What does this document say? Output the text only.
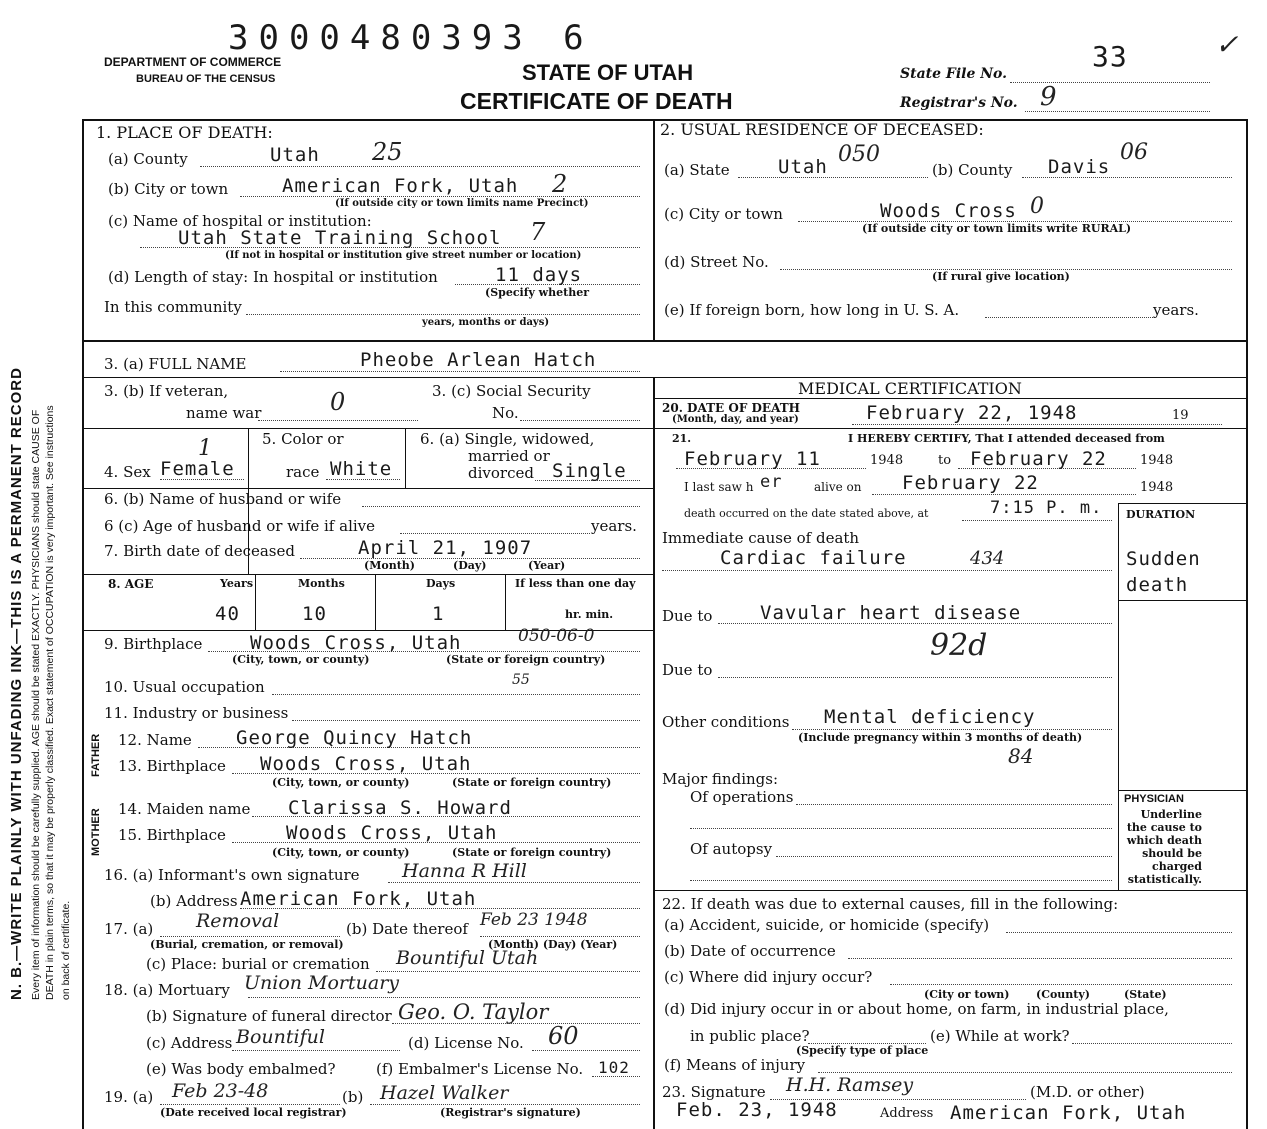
N. B.—WRITE PLAINLY WITH UNFADING INK—THIS IS A PERMANENT RECORD Every item of information should be carefully supplied. AGE should be stated EXACTLY. PHYSICIANS should state CAUSE OF DEATH in plain terms, so that it may be properly classified. Exact statement of OCCUPATION is very important. See instructions on back of certificate.
FATHER
MOTHER
3000480393 6
DEPARTMENT OF COMMERCE
BUREAU OF THE CENSUS	STATE OF UTAH
CERTIFICATE OF DEATH
State File No.
33
Registrar's No. 9
✓
1. PLACE OF DEATH:
(a) County	Utah 25
(b) City or town	American Fork, Utah 2
(If outside city or town limits name Precinct)
(c) Name of hospital or institution:
Utah State Training School 7
(If not in hospital or institution give street number or location)
(d) Length of stay: In hospital or institution	11 days
(Specify whether
In this community
years, months or days)
2. USUAL RESIDENCE OF DECEASED:
(a) State	Utah 050
(b) County Davis
06
(c) City or town	Woods Cross 0
(If outside city or town limits write RURAL)
(d) Street No.
(If rural give location)
(e) If foreign born, how long in U. S. A.	years.
3. (a) FULL NAME	Pheobe Arlean Hatch
3. (b) If veteran,
name war	0	3. (c) Social Security
No.
1
4. Sex Female
5. Color or
race White
6. (a) Single, widowed,
married or
divorced Single
6. (b) Name of husband or wife
6 (c) Age of husband or wife if alive	years.
7. Birth date of deceased	April 21, 1907
(Month)	(Day)	(Year)
8. AGE	Years	Months	Days	If less than one day
hr. min.
40	10	1
9. Birthplace	Woods Cross, Utah	050-06-0
(City, town, or county)	(State or foreign country)
10. Usual occupation	55
11. Industry or business
12. Name George Quincy Hatch
13. Birthplace Woods Cross, Utah
(City, town, or county)	(State or foreign country)
14. Maiden name Clarissa S. Howard
15. Birthplace	Woods Cross, Utah
(City, town, or county)	(State or foreign country)
16. (a) Informant's own signature Hanna R Hill
(b) Address American Fork, Utah
17. (a) Removal
(Burial, cremation, or removal)
(b) Date thereof Feb 23 1948
(Month) (Day) (Year)
(c) Place: burial or cremation Bountiful Utah
18. (a) Mortuary Union Mortuary
(b) Signature of funeral director Geo. O. Taylor
(c) Address Bountiful	(d) License No. 60
(e) Was body embalmed?	(f) Embalmer's License No. 102
19. (a) Feb 23-48
(Date received local registrar)
(b) Hazel Walker
(Registrar's signature)
MEDICAL CERTIFICATION
20. DATE OF DEATH
(Month, day, and year)	February 22, 1948	19
21.	I HEREBY CERTIFY, That I attended deceased from
February 11	1948	to February 22	1948
I last saw h er	alive on February 22	1948
death occurred on the date stated above, at	7:15 P. m. DURATION
Immediate cause of death
Cardiac failure	434	Sudden death
Due to	Vavular heart disease
92d
Due to
Other conditions Mental deficiency
(Include pregnancy within 3 months of death)
84
Major findings:
Of operations
Of autopsy
PHYSICIAN
Underline the cause to which death should be charged statistically.
22. If death was due to external causes, fill in the following:
(a) Accident, suicide, or homicide (specify)
(b) Date of occurrence
(c) Where did injury occur?
(City or town) (County)	(State)
(d) Did injury occur in or about home, on farm, in industrial place,
in public place?	(e) While at work?
(Specify type of place
(f) Means of injury
23. Signature H.H. Ramsey	(M.D. or other)
Feb. 23, 1948	Address American Fork, Utah
